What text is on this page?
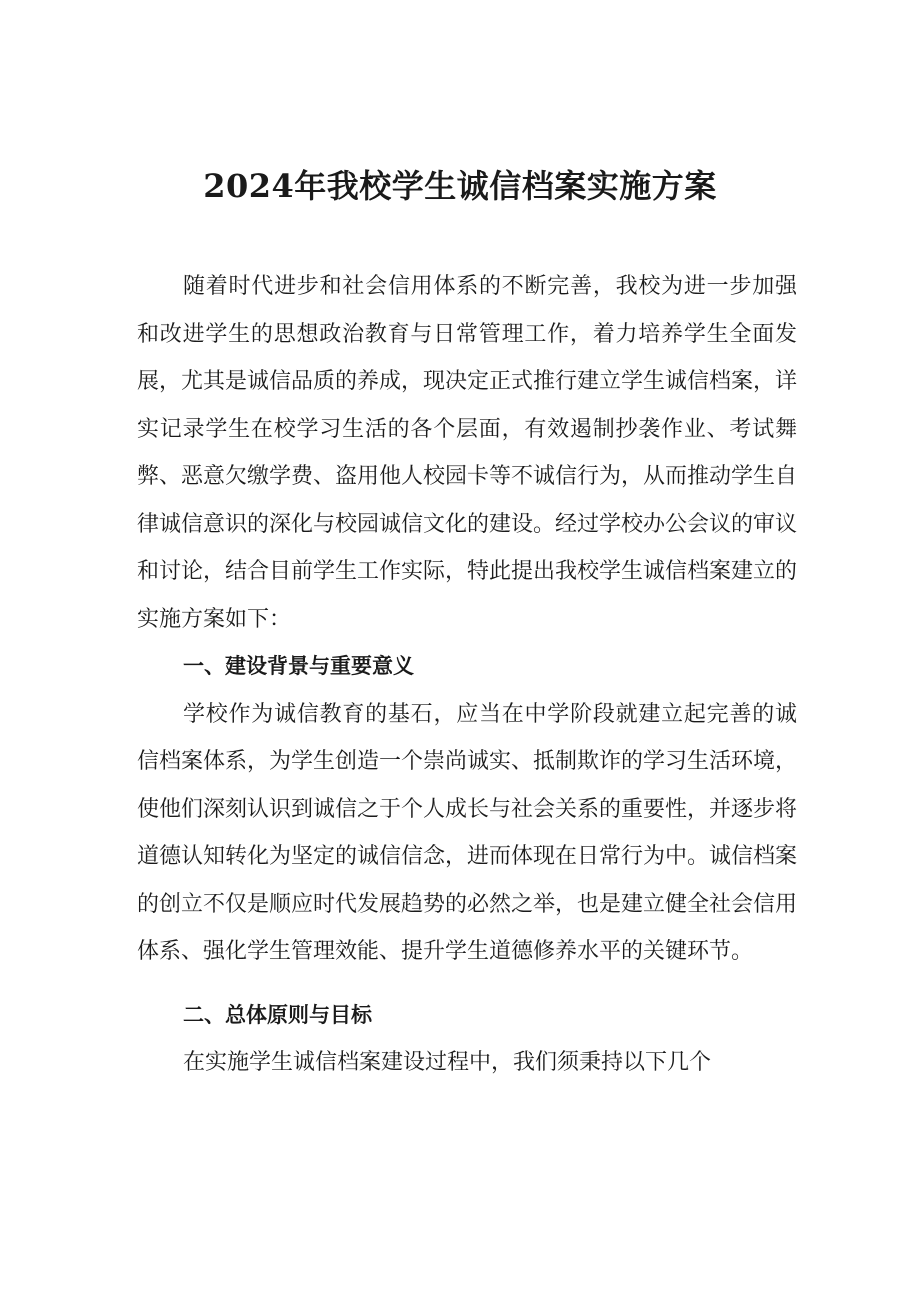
2024年我校学生诚信档案实施方案

随着时代进步和社会信用体系的不断完善，我校为进一步加强和改进学生的思想政治教育与日常管理工作，着力培养学生全面发展，尤其是诚信品质的养成，现决定正式推行建立学生诚信档案，详实记录学生在校学习生活的各个层面，有效遏制抄袭作业、考试舞弊、恶意欠缴学费、盗用他人校园卡等不诚信行为，从而推动学生自律诚信意识的深化与校园诚信文化的建设。经过学校办公会议的审议和讨论，结合目前学生工作实际，特此提出我校学生诚信档案建立的实施方案如下：

一、建设背景与重要意义

学校作为诚信教育的基石，应当在中学阶段就建立起完善的诚信档案体系，为学生创造一个崇尚诚实、抵制欺诈的学习生活环境，使他们深刻认识到诚信之于个人成长与社会关系的重要性，并逐步将道德认知转化为坚定的诚信信念，进而体现在日常行为中。诚信档案的创立不仅是顺应时代发展趋势的必然之举，也是建立健全社会信用体系、强化学生管理效能、提升学生道德修养水平的关键环节。

二、总体原则与目标

在实施学生诚信档案建设过程中，我们须秉持以下几个
